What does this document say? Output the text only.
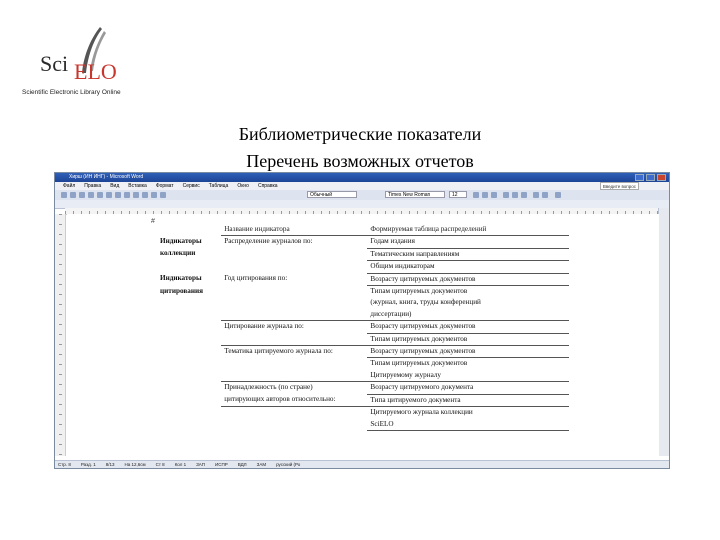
Sci ELO
Scientific Electronic Library Online
Библиометрические показатели
Перечень возможных отчетов
Хирш (ИН ИНГ) - Microsoft Word
Файл Правка Вид Вставка Формат Сервис Таблица Окно Справка	Введите вопрос
Обычный	Times New Roman	12
#
	Название индикатора	Формируемая таблица распределений
Индикаторы	Распределение журналов по:	Годам издания
коллекции		Тематическим направлениям
		Общим индикаторам
Индикаторы	Год цитирования по:	Возрасту цитируемых документов
цитирования		Типам цитируемых документов
		(журнал, книга, труды конференций
		диссертации)
	Цитирование журнала по:	Возрасту цитируемых документов
		Типам цитируемых документов
	Тематика цитируемого журнала по:	Возрасту цитируемых документов
		Типам цитируемых документов
		Цитируемому журналу
	Принадлежность (по стране)	Возрасту цитируемого документа
	цитирующих авторов относительно:	Типа цитируемого документа
		Цитируемого журнала коллекции
		SciELO
Стр. 8 Разд. 1 8/13 На 12,6см Ст 8 Кол 1 ЗАП ИСПР ВДЛ ЗАМ русский (Ро
